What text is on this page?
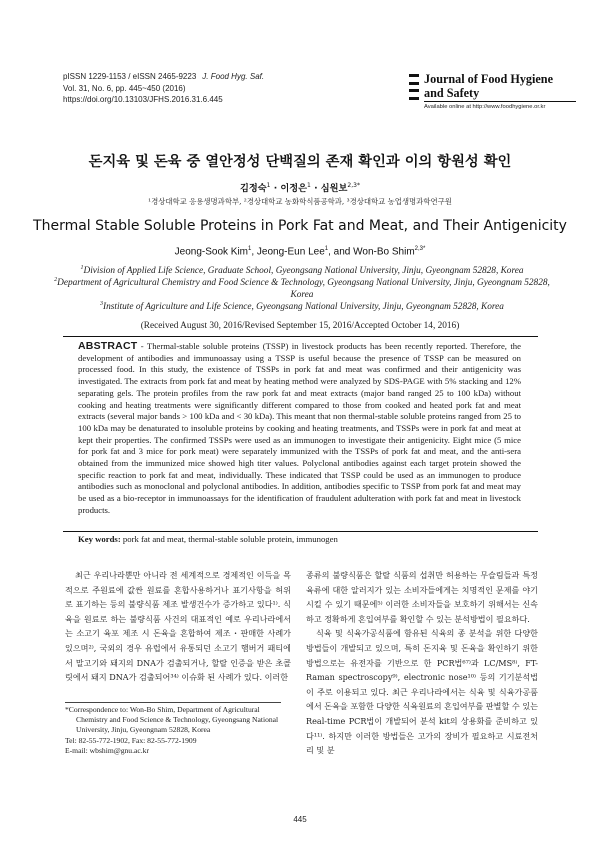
pISSN 1229-1153 / eISSN 2465-9223 J. Food Hyg. Saf.
Vol. 31, No. 6, pp. 445~450 (2016)
https://doi.org/10.13103/JFHS.2016.31.6.445
Journal of Food Hygiene
and Safety
Available online at http://www.foodhygiene.or.kr
돈지육 및 돈육 중 열안정성 단백질의 존재 확인과 이의 항원성 확인
김정숙$^1$ · 이정은$^1$ · 심원보$^{2,3*}$
¹경상대학교 응용생명과학부, ²경상대학교 농화학식품공학과, ³경상대학교 농업생명과학연구원
Thermal Stable Soluble Proteins in Pork Fat and Meat, and Their Antigenicity
Jeong-Sook Kim$^1$, Jeong-Eun Lee$^1$, and Won-Bo Shim$^{2,3*}$
$^1$Division of Applied Life Science, Graduate School, Gyeongsang National University, Jinju, Gyeongnam 52828, Korea
$^2$Department of Agricultural Chemistry and Food Science & Technology, Gyeongsang National University, Jinju, Gyeongnam 52828, Korea
$^3$Institute of Agriculture and Life Science, Gyeongsang National University, Jinju, Gyeongnam 52828, Korea
(Received August 30, 2016/Revised September 15, 2016/Accepted October 14, 2016)
ABSTRACT - Thermal-stable soluble proteins (TSSP) in livestock products has been recently reported. Therefore, the development of antibodies and immunoassay using a TSSP is useful because the presence of TSSP can be measured on processed food. In this study, the existence of TSSPs in pork fat and meat was confirmed and their antigenicity was investigated. The extracts from pork fat and meat by heating method were analyzed by SDS-PAGE with 5% stacking and 12% separating gels. The protein profiles from the raw pork fat and meat extracts (major band ranged 25 to 100 kDa) without cooking and heating treatments were significantly different compared to those from cooked and heated pork fat and meat extracts (several major bands > 100 kDa and < 30 kDa). This meant that non thermal-stable soluble proteins ranged from 25 to 100 kDa may be denaturated to insoluble proteins by cooking and heating treatments, and TSSPs were in pork fat and meat at kept their properties. The confirmed TSSPs were used as an immunogen to investigate their antigenicity. Eight mice (5 mice for pork fat and 3 mice for pork meat) were separately immunized with the TSSPs of pork fat and meat, and the anti-sera obtained from the immunized mice showed high titer values. Polyclonal antibodies against each target protein showed the specific reaction to pork fat and meat, individually. These indicated that TSSP could be used as an immunogen to produce antibodies such as monoclonal and polyclonal antibodies. In addition, antibodies specific to TSSP from pork fat and meat may be used as a bio-receptor in immunoassays for the identification of fraudulent adulteration with pork fat and meat in livestock products.
Key words: pork fat and meat, thermal-stable soluble protein, immunogen

최근 우리나라뿐만 아니라 전 세계적으로 경제적인 이득을 목적으로 주원료에 값싼 원료를 혼합사용하거나 표기사항을 허위로 표기하는 등의 불량식품 제조 발생건수가 증가하고 있다¹⁾. 식육을 원료로 하는 불량식품 사건의 대표적인 예로 우리나라에서는 소고기 육포 제조 시 돈육을 혼합하여 제조・판매한 사례가 있으며²⁾, 국외의 경우 유럽에서 유통되던 소고기 햄버거 패티에서 말고기와 돼지의 DNA가 검출되거나, 할랄 인증을 받은 초콜릿에서 돼지 DNA가 검출되어³⁴⁾ 이슈화 된 사례가 있다. 이러한

종류의 불량식품은 할랄 식품의 섭취만 허용하는 무슬림들과 특정 육류에 대한 알러지가 있는 소비자들에게는 치명적인 문제를 야기 시킬 수 있기 때문에⁵⁾ 이러한 소비자들을 보호하기 위해서는 신속하고 정확하게 혼입여부를 확인할 수 있는 분석방법이 필요하다.

식육 및 식육가공식품에 함유된 식육의 종 분석을 위한 다양한 방법들이 개발되고 있으며, 특히 돈지육 및 돈육을 확인하기 위한 방법으로는 유전자를 기반으로 한 PCR법⁶⁷⁾과 LC/MS⁸⁾, FT-Raman spectroscopy⁹⁾, electronic nose¹⁰⁾ 등의 기기분석법이 주로 이용되고 있다. 최근 우리나라에서는 식육 및 식육가공품에서 돈육을 포함한 다양한 식육원료의 혼입여부를 판별할 수 있는 Real-time PCR법이 개발되어 분석 kit의 상용화를 준비하고 있다¹¹⁾. 하지만 이러한 방법들은 고가의 장비가 필요하고 시료전처리 및 분

*Correspondence to: Won-Bo Shim, Department of Agricultural
Chemistry and Food Science & Technology, Gyeongsang National
University, Jinju, Gyeongnam 52828, Korea
Tel: 82-55-772-1902, Fax: 82-55-772-1909
E-mail: wbshim@gnu.ac.kr
445
